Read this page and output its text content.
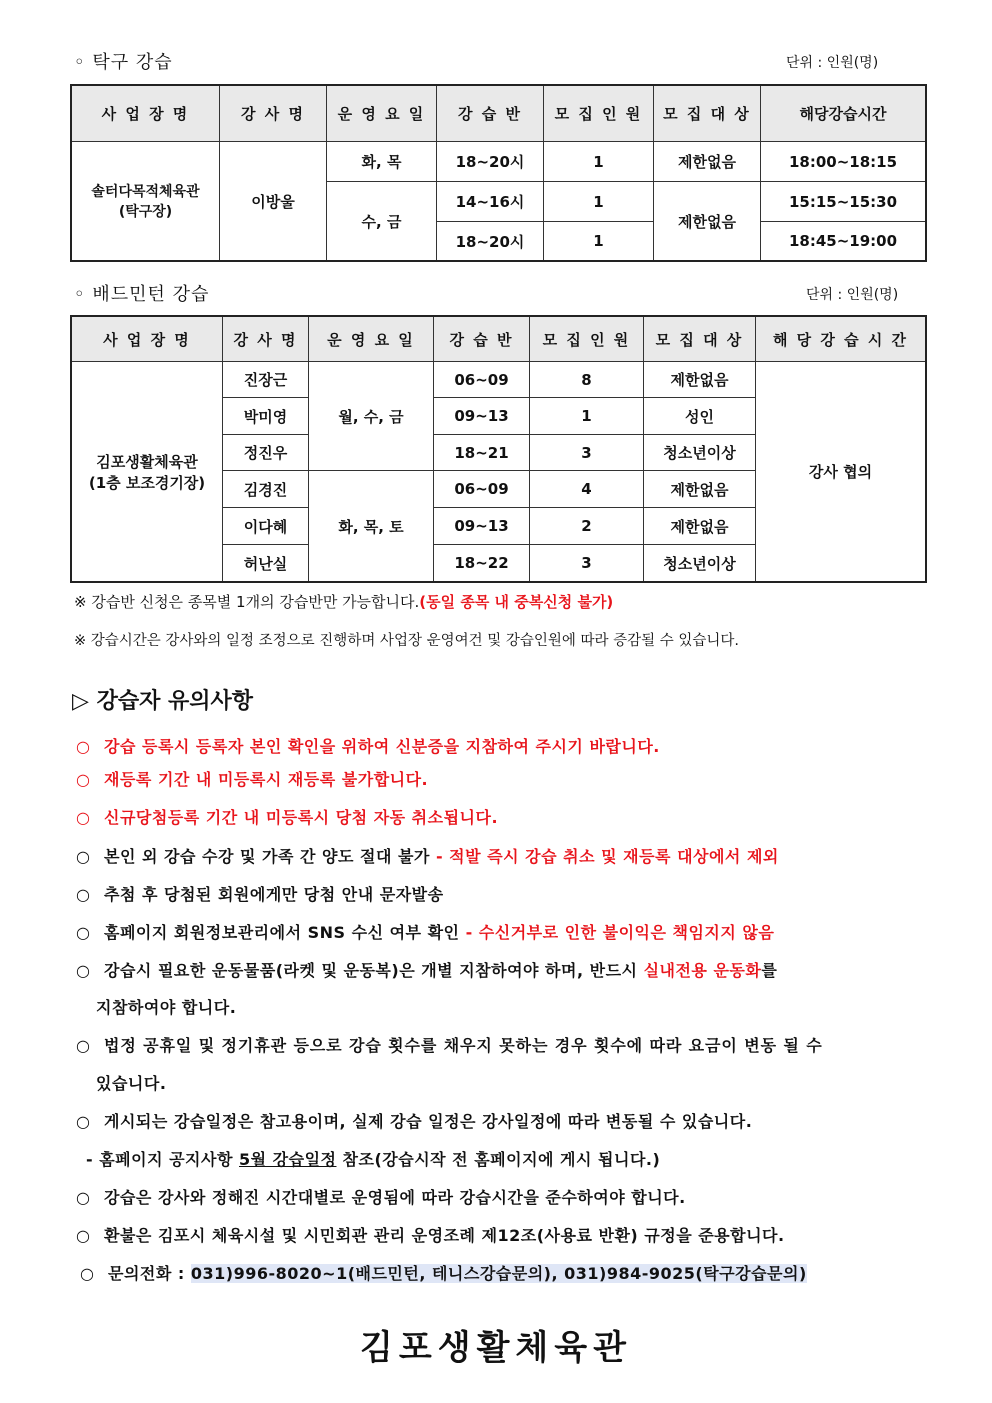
◦ 탁구 강습	단위 : 인원(명)
사 업 장 명	강 사 명	운 영 요 일	강 습 반	모 집 인 원	모 집 대 상	해당강습시간

솔터다목적체육관
(탁구장)	이방울	화, 목	18~20시	1	제한없음	18:00~18:15
		수, 금	14~16시	1	제한없음	15:15~15:30
			18~20시	1		18:45~19:00
◦ 배드민턴 강습	단위 : 인원(명)
사 업 장 명	강 사 명	운 영 요 일	강 습 반	모 집 인 원	모 집 대 상	해 당 강 습 시 간

김포생활체육관
(1층 보조경기장)	진장근	월, 수, 금	06~09	8	제한없음	강사 협의
	박미영		09~13	1	성인	
	정진우		18~21	3	청소년이상	
	김경진	화, 목, 토	06~09	4	제한없음	
	이다혜		09~13	2	제한없음	
	허난실		18~22	3	청소년이상	
※ 강습반 신청은 종목별 1개의 강습반만 가능합니다.(동일 종목 내 중복신청 불가)
※ 강습시간은 강사와의 일정 조정으로 진행하며 사업장 운영여건 및 강습인원에 따라 증감될 수 있습니다.
▷ 강습자 유의사항
○ 강습 등록시 등록자 본인 확인을 위하여 신분증을 지참하여 주시기 바랍니다.
○ 재등록 기간 내 미등록시 재등록 불가합니다.
○ 신규당첨등록 기간 내 미등록시 당첨 자동 취소됩니다.
○ 본인 외 강습 수강 및 가족 간 양도 절대 불가 - 적발 즉시 강습 취소 및 재등록 대상에서 제외
○ 추첨 후 당첨된 회원에게만 당첨 안내 문자발송
○ 홈페이지 회원정보관리에서 SNS 수신 여부 확인 - 수신거부로 인한 불이익은 책임지지 않음
○ 강습시 필요한 운동물품(라켓 및 운동복)은 개별 지참하여야 하며, 반드시 실내전용 운동화를
지참하여야 합니다.
○ 법정 공휴일 및 정기휴관 등으로 강습 횟수를 채우지 못하는 경우 횟수에 따라 요금이 변동 될 수
있습니다.
○ 게시되는 강습일정은 참고용이며, 실제 강습 일정은 강사일정에 따라 변동될 수 있습니다.
- 홈페이지 공지사항 5월 강습일정 참조(강습시작 전 홈페이지에 게시 됩니다.)
○ 강습은 강사와 정해진 시간대별로 운영됨에 따라 강습시간을 준수하여야 합니다.
○ 환불은 김포시 체육시설 및 시민회관 관리 운영조례 제12조(사용료 반환) 규정을 준용합니다.
○ 문의전화 : 031)996-8020~1(배드민턴, 테니스강습문의), 031)984-9025(탁구강습문의)
김포생활체육관
